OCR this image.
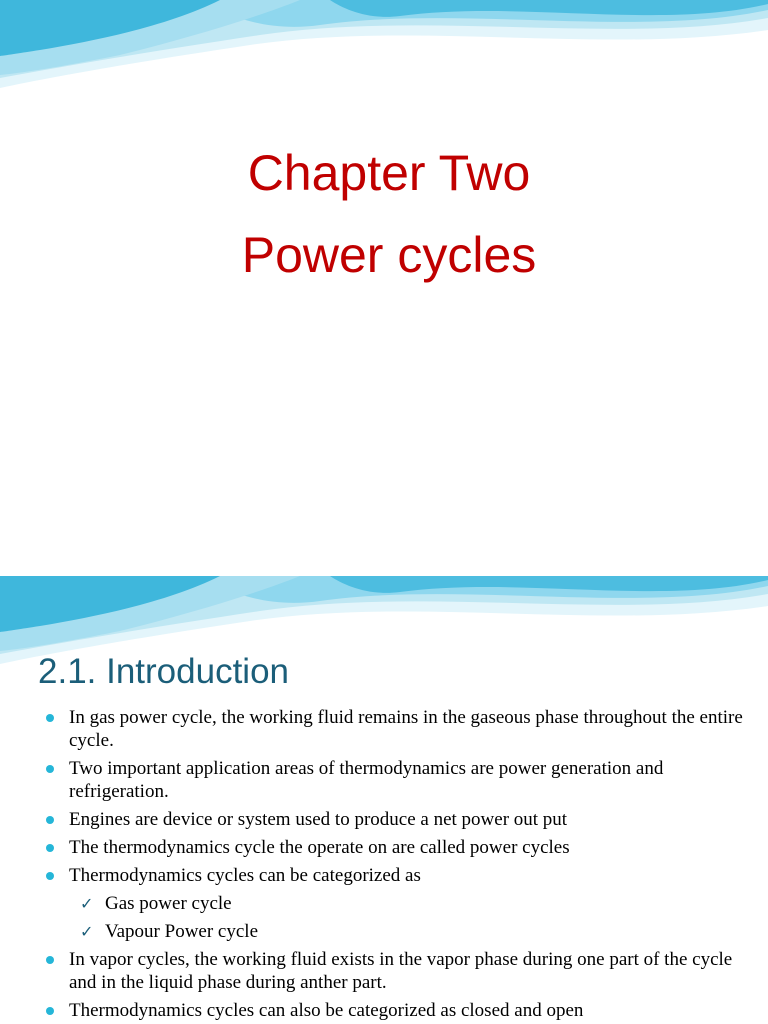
Chapter Two
Power cycles
2.1. Introduction
In gas power cycle, the working fluid remains in the gaseous phase throughout the entire cycle.
Two important application areas of thermodynamics are power generation and refrigeration.
Engines are device or system used to produce a net power out put
The thermodynamics cycle the operate on are called power cycles
Thermodynamics cycles can be categorized as
✓ Gas power cycle
✓ Vapour Power cycle
In vapor cycles, the working fluid exists in the vapor phase during one part of the cycle and in the liquid phase during anther part.
Thermodynamics cycles can also be categorized as closed and open
